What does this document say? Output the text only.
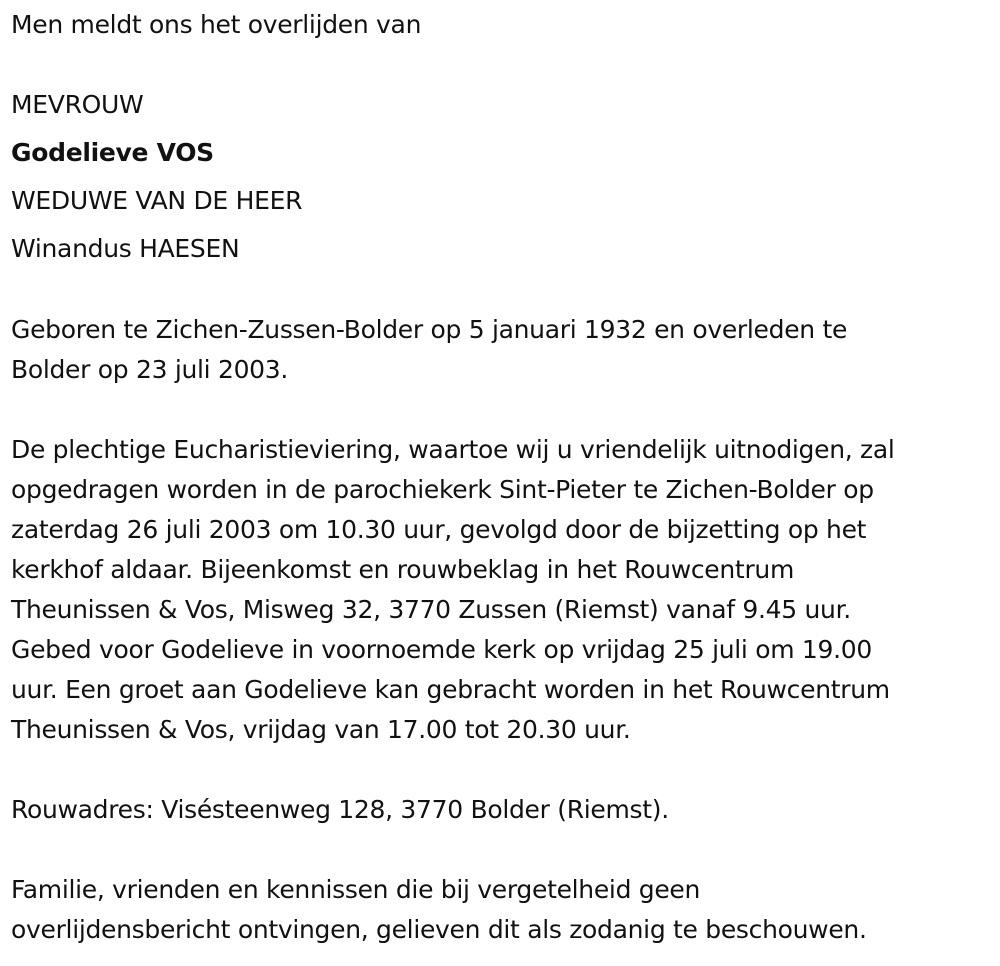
Men meldt ons het overlijden van
MEVROUW
Godelieve VOS
WEDUWE VAN DE HEER
Winandus HAESEN
Geboren te Zichen-Zussen-Bolder op 5 januari 1932 en overleden te
Bolder op 23 juli 2003.
De plechtige Eucharistieviering, waartoe wij u vriendelijk uitnodigen, zal
opgedragen worden in de parochiekerk Sint-Pieter te Zichen-Bolder op
zaterdag 26 juli 2003 om 10.30 uur, gevolgd door de bijzetting op het
kerkhof aldaar. Bijeenkomst en rouwbeklag in het Rouwcentrum
Theunissen & Vos, Misweg 32, 3770 Zussen (Riemst) vanaf 9.45 uur.
Gebed voor Godelieve in voornoemde kerk op vrijdag 25 juli om 19.00
uur. Een groet aan Godelieve kan gebracht worden in het Rouwcentrum
Theunissen & Vos, vrijdag van 17.00 tot 20.30 uur.
Rouwadres: Visésteenweg 128, 3770 Bolder (Riemst).
Familie, vrienden en kennissen die bij vergetelheid geen
overlijdensbericht ontvingen, gelieven dit als zodanig te beschouwen.
